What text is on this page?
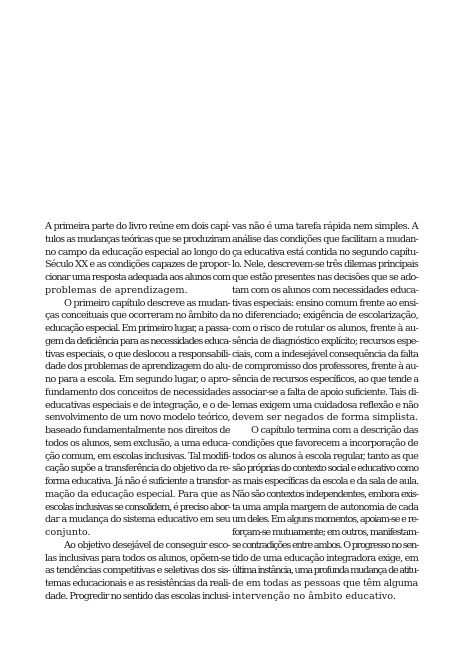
A primeira parte do livro reúne em dois capí-
tulos as mudanças teóricas que se produziram
no campo da educação especial ao longo do
Século XX e as condições capazes de propor-
cionar uma resposta adequada aos alunos com
problemas de aprendizagem.
O primeiro capítulo descreve as mudan-
ças conceituais que ocorreram no âmbito da
educação especial. Em primeiro lugar, a passa-
gem da deficiência para as necessidades educa-
tivas especiais, o que deslocou a responsabili-
dade dos problemas de aprendizagem do alu-
no para a escola. Em segundo lugar, o apro-
fundamento dos conceitos de necessidades
educativas especiais e de integração, e o de-
senvolvimento de um novo modelo teórico,
baseado fundamentalmente nos direitos de
todos os alunos, sem exclusão, a uma educa-
ção comum, em escolas inclusivas. Tal modifi-
cação supõe a transferência do objetivo da re-
forma educativa. Já não é suficiente a transfor-
mação da educação especial. Para que as
escolas inclusivas se consolidem, é preciso abor-
dar a mudança do sistema educativo em seu
conjunto.
Ao objetivo desejável de conseguir esco-
las inclusivas para todos os alunos, opõem-se
as tendências competitivas e seletivas dos sis-
temas educacionais e as resistências da reali-
dade. Progredir no sentido das escolas inclusi-
vas não é uma tarefa rápida nem simples. A
análise das condições que facilitam a mudan-
ça educativa está contida no segundo capítu-
lo. Nele, descrevem-se três dilemas principais
que estão presentes nas decisões que se ado-
tam com os alunos com necessidades educa-
tivas especiais: ensino comum frente ao ensi-
no diferenciado; exigência de escolarização,
com o risco de rotular os alunos, frente à au-
sência de diagnóstico explícito; recursos espe-
ciais, com a indesejável consequência da falta
de compromisso dos professores, frente à au-
sência de recursos específicos, ao que tende a
associar-se a falta de apoio suficiente. Tais di-
lemas exigem uma cuidadosa reflexão e não
devem ser negados de forma simplista.
O capítulo termina com a descrição das
condições que favorecem a incorporação de
todos os alunos à escola regular, tanto as que
são próprias do contexto social e educativo como
as mais específicas da escola e da sala de aula.
Não são contextos independentes, embora exis-
ta uma ampla margem de autonomia de cada
um deles. Em alguns momentos, apoiam-se e re-
forçam-se mutuamente; em outros, manifestam-
se contradições entre ambos. O progresso no sen-
tido de uma educação integradora exige, em
última instância, uma profunda mudança de atitu-
de em todas as pessoas que têm alguma
intervenção no âmbito educativo.
